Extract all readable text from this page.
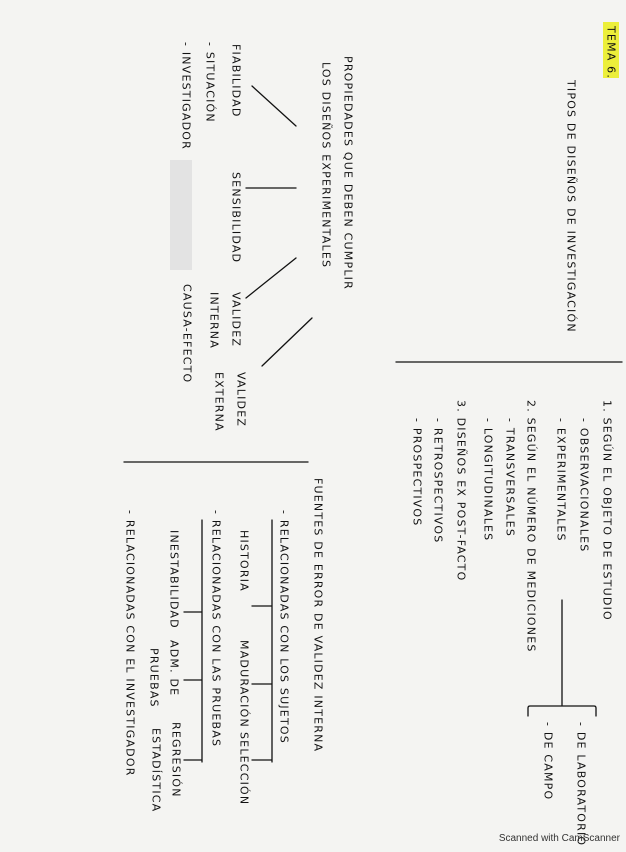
TEMA 6.
TIPOS DE DISEÑOS DE INVESTIGACIÓN
1. SEGÚN EL OBJETO DE ESTUDIO
- OBSERVACIONALES
- EXPERIMENTALES
- DE LABORATORIO
- DE CAMPO
2. SEGÚN EL NÚMERO DE MEDICIONES
- TRANSVERSALES
- LONGITUDINALES
3. DISEÑOS EX POST-FACTO
- RETROSPECTIVOS
- PROSPECTIVOS
PROPIEDADES QUE DEBEN CUMPLIR
LOS DISEÑOS EXPERIMENTALES
FIABILIDAD
- SITUACIÓN
- INVESTIGADOR
SENSIBILIDAD
VALIDEZ
INTERNA
CAUSA-EFECTO
VALIDEZ
EXTERNA
FUENTES DE ERROR DE VALIDEZ INTERNA
- RELACIONADAS CON LOS SUJETOS
HISTORIA
MADURACIÓN
SELECCIÓN
- RELACIONADAS CON LAS PRUEBAS
INESTABILIDAD
ADM. DE
PRUEBAS
REGRESIÓN
ESTADÍSTICA
- RELACIONADAS CON EL INVESTIGADOR
Scanned with CamScanner
